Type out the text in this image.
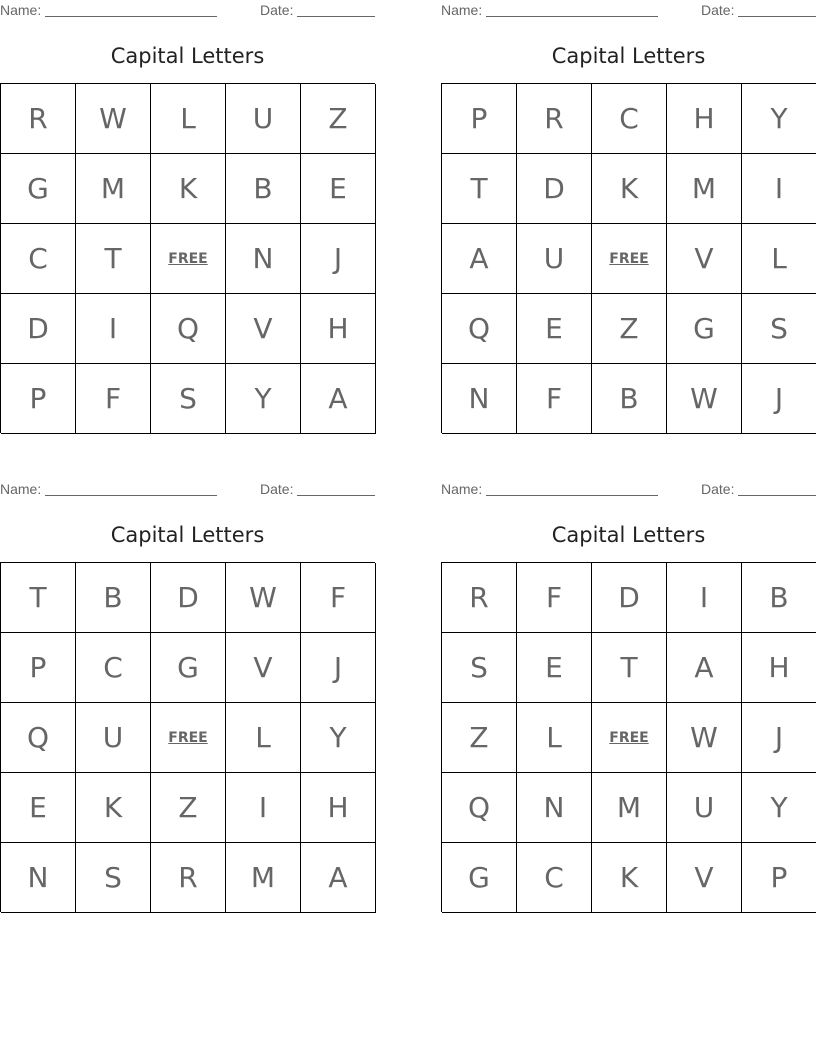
Name:	Date:
Capital Letters
R	W	L	U	Z
G	M	K	B	E
C	T	FREE	N	J
D	I	Q	V	H
P	F	S	Y	A
Name:	Date:
Capital Letters
P	R	C	H	Y
T	D	K	M	I
A	U	FREE	V	L
Q	E	Z	G	S
N	F	B	W	J
Name:	Date:
Capital Letters
T	B	D	W	F
P	C	G	V	J
Q	U	FREE	L	Y
E	K	Z	I	H
N	S	R	M	A
Name:	Date:
Capital Letters
R	F	D	I	B
S	E	T	A	H
Z	L	FREE	W	J
Q	N	M	U	Y
G	C	K	V	P
